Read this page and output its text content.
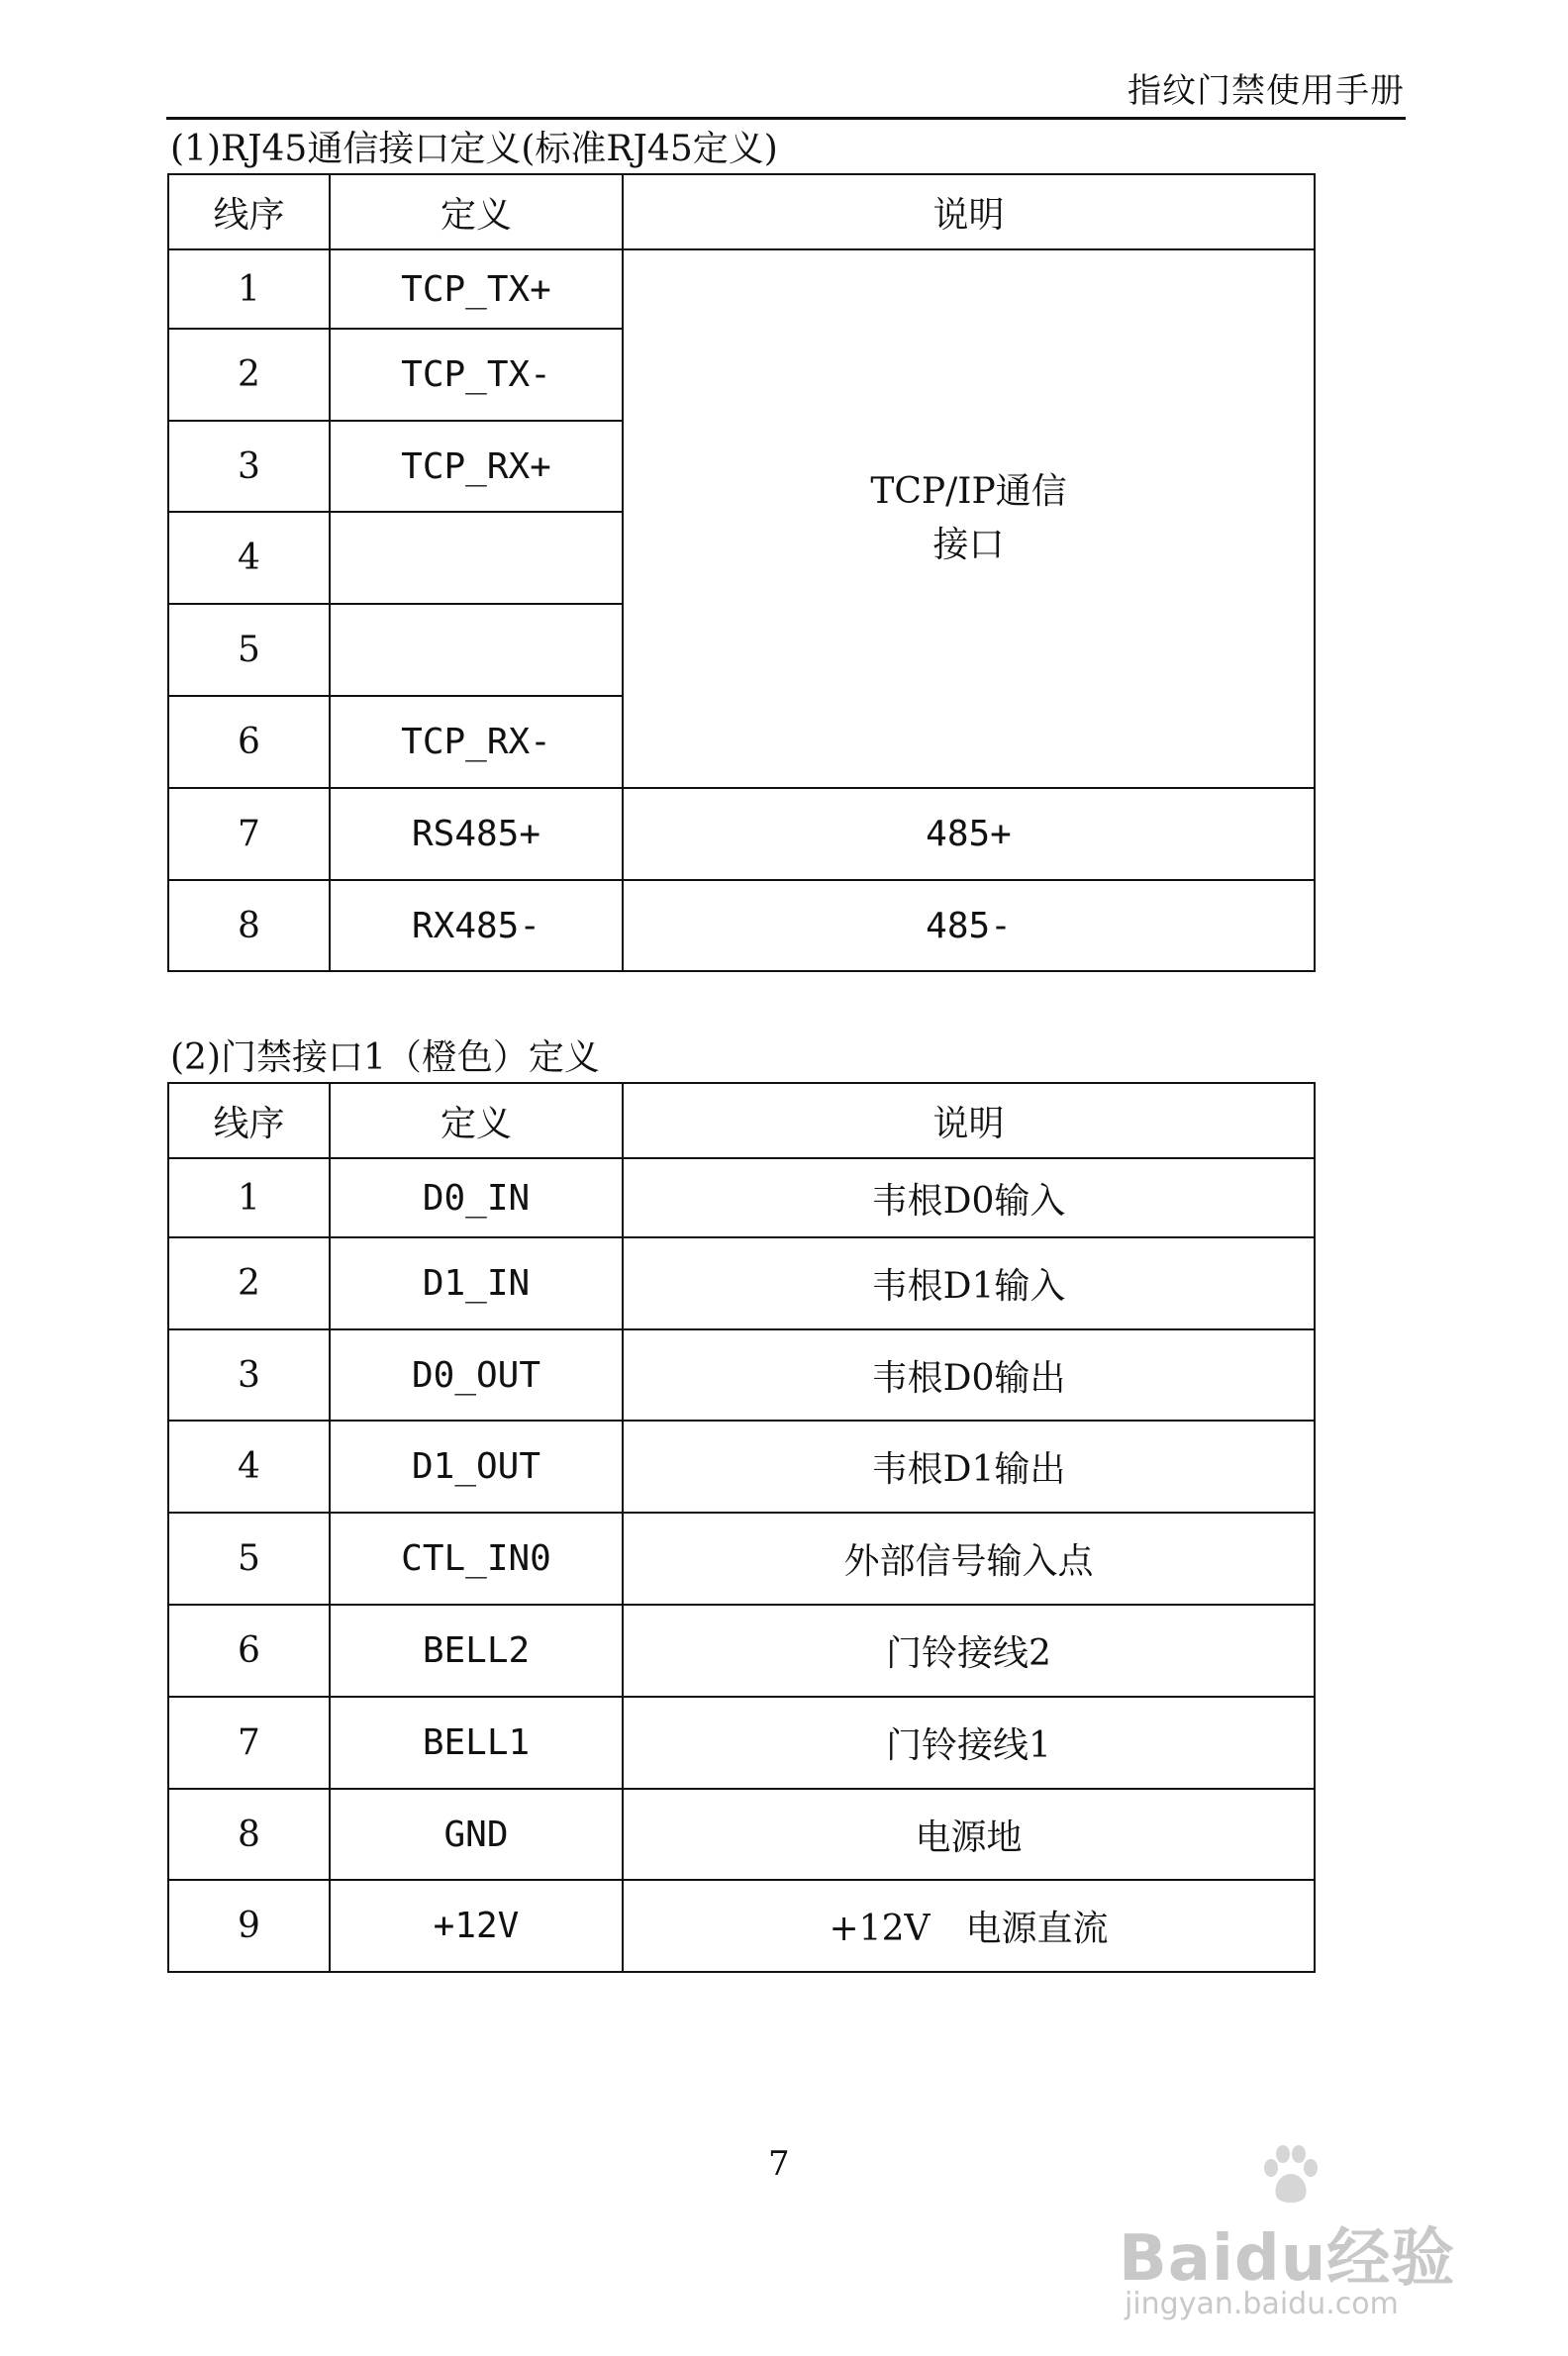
指纹门禁使用手册
(1)RJ45通信接口定义(标准RJ45定义)
线序	定义	说明
1	TCP_TX+	TCP/IP通信
接口

2	TCP_TX-	
3	TCP_RX+	
4		
5		
6	TCP_RX-	
7	RS485+	485+
8	RX485-	485-
(2)门禁接口1（橙色）定义
线序	定义	说明
1	D0_IN	韦根D0输入
2	D1_IN	韦根D1输入
3	D0_OUT	韦根D0输出
4	D1_OUT	韦根D1输出
5	CTL_IN0	外部信号输入点
6	BELL2	门铃接线2
7	BELL1	门铃接线1
8	GND	电源地
9	+12V	+12V　电源直流
7
Baidu经验
jingyan.baidu.com
